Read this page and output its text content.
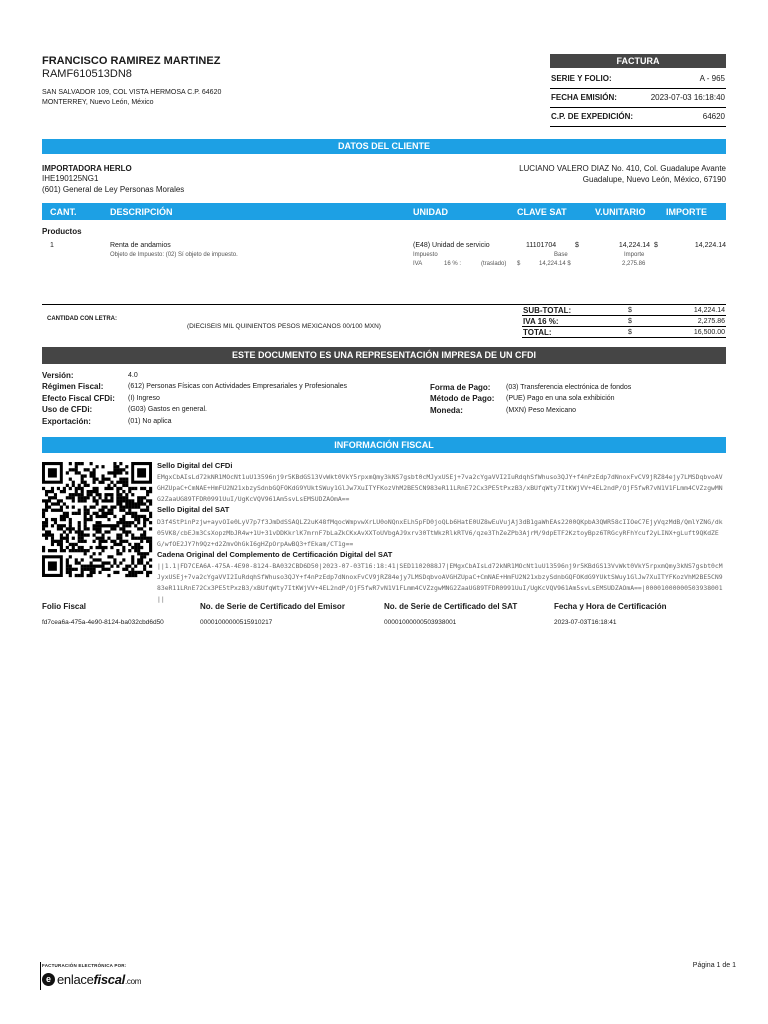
FRANCISCO RAMIREZ MARTINEZ
RAMF610513DN8
SAN SALVADOR 109, COL VISTA HERMOSA C.P. 64620
MONTERREY, Nuevo León, México
FACTURA
SERIE Y FOLIO:	A - 965
FECHA EMISIÓN:	2023-07-03 16:18:40
C.P. DE EXPEDICIÓN:	64620
DATOS DEL CLIENTE
IMPORTADORA HERLO
IHE190125NG1
(601) General de Ley Personas Morales
LUCIANO VALERO DIAZ No. 410, Col. Guadalupe Avante
Guadalupe, Nuevo León, México, 67190
CANT.	DESCRIPCIÓN	UNIDAD	CLAVE SAT	V.UNITARIO IMPORTE
Productos
1	Renta de andamios
Objeto de Impuesto: (02) Sí objeto de impuesto.
(E48) Unidad de servicio	11101704	$	14,224.14 $	14,224.14
Impuesto	Base	Importe
IVA	16 % :	(traslado) $	14,224.14 $	2,275.86
CANTIDAD CON LETRA:
(DIECISEIS MIL QUINIENTOS PESOS MEXICANOS 00/100 MXN)
SUB-TOTAL:	$	14,224.14
IVA 16 %:	$	2,275.86
TOTAL:	$	16,500.00
ESTE DOCUMENTO ES UNA REPRESENTACIÓN IMPRESA DE UN CFDI
Versión:	4.0
Régimen Fiscal:	(612) Personas Físicas con Actividades Empresariales y Profesionales
Efecto Fiscal CFDi: (I) Ingreso
Uso de CFDi:	(G03) Gastos en general.
Exportación:	(01) No aplica
Forma de Pago: (03) Transferencia electrónica de fondos
Método de Pago: (PUE) Pago en una sola exhibición
Moneda:	(MXN) Peso Mexicano
INFORMACIÓN FISCAL
Sello Digital del CFDi
EMgxCbAIsLd72kNR1MOcNt1uU13596nj9r5KBdGS13VvWkt0VkY5rpxmQmy3kNS7gsbt0cMJyxUSEj+7va2cYgaVVI2IuRdqhSfWhuso3QJY+f4nPzEdp7dNnoxFvCV9jRZ84ejy7LMSDqbvoAVGHZUpaC+CmNAE+HmFU2N21xbzySdnbGQFOKdG9YUktSWuy1GlJw7XuITYFKozVhM2BE5CN983eR11LRnE72Cx3PE5tPxzB3/xBUfqWty7ItKWjVV+4EL2ndP/OjF5fwR7vN1V1FLmm4CVZzgwMNG2ZaaUG89TFDR0991UuI/UgKcVQV961Am5svLsEMSUDZAOmA==
Sello Digital del SAT
D3f4StPinPzjw+ayvOIe0LyV7p7f3JmDdSSAQLZ2uK48fMqocWmpvwXrLU0oNQnxELh5pFD0joQLb6HatE0UZ8wEuVujAj3dB1gaWhEAs2200QKpbA3QWR58cIIOeC7EjyVqzMdB/QmlYZNG/dk05VK8/cbEJm3CsXopzMbJR4w+1U+31vDDKkrlK7mrnF7bLaZkCKxAvXXToUVbgAJ9xrv30TtWkzRlkRTV6/qze3ThZeZPb3AjrM/9dpETF2KztoyBpz6TRGcyRFhYcuf2yLINX+gLuft9QKdZEG/wfOE2JY7h9Qz+d2ZmvOhGkI6gHZpOrpAwBQ3+fEkam/CT1g==
Cadena Original del Complemento de Certificación Digital del SAT
||1.1|FD7CEA6A-475A-4E90-8124-BA032CBD6D50|2023-07-03T16:18:41|SED1102088J7|EMgxCbAIsLd72kNR1MOcNt1uU13596nj9r5KBdGS13VvWkt0VkY5rpxmQmy3kNS7gsbt0cMJyxUSEj+7va2cYgaVVI2IuRdqhSfWhuso3QJY+f4nPzEdp7dNnoxFvCV9jRZ84ejy7LMSDqbvoAVGHZUpaC+CmNAE+HmFU2N21xbzySdnbGQFOKdG9YUktSWuy1GlJw7XuITYFKozVhM2BE5CN983eR11LRnE72Cx3PE5tPxzB3/xBUfqWty7ItKWjVV+4EL2ndP/OjF5fwR7vN1V1FLmm4CVZzgwMNG2ZaaUG89TFDR0991UuI/UgKcVQV961Am5svLsEMSUDZAOmA==|00001000000503938001||
Folio Fiscal
fd7cea6a-475a-4e90-8124-ba032cbd6d50
No. de Serie de Certificado del Emisor
00001000000515910217
No. de Serie de Certificado del SAT
00001000000503938001
Fecha y Hora de Certificación
2023-07-03T16:18:41
FACTURACIÓN ELECTRÓNICA POR:
e enlacefiscal.com
Página 1 de 1
